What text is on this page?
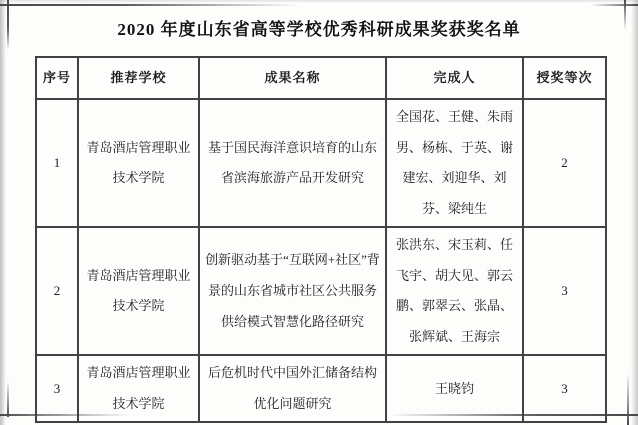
2020 年度山东省高等学校优秀科研成果奖获奖名单
序号	推荐学校	成果名称	完成人	授奖等次
1	青岛酒店管理职业技术学院	基于国民海洋意识培育的山东省滨海旅游产品开发研究	全国花、王健、朱雨男、杨栋、于英、谢建宏、刘迎华、刘芬、梁纯生	2
2	青岛酒店管理职业技术学院	创新驱动基于“互联网+社区”背景的山东省城市社区公共服务供给模式智慧化路径研究	张洪东、宋玉莉、任飞宇、胡大见、郭云鹏、郭翠云、张晶、张辉斌、王海宗	3
3	青岛酒店管理职业技术学院	后危机时代中国外汇储备结构优化问题研究	王晓钧	3
